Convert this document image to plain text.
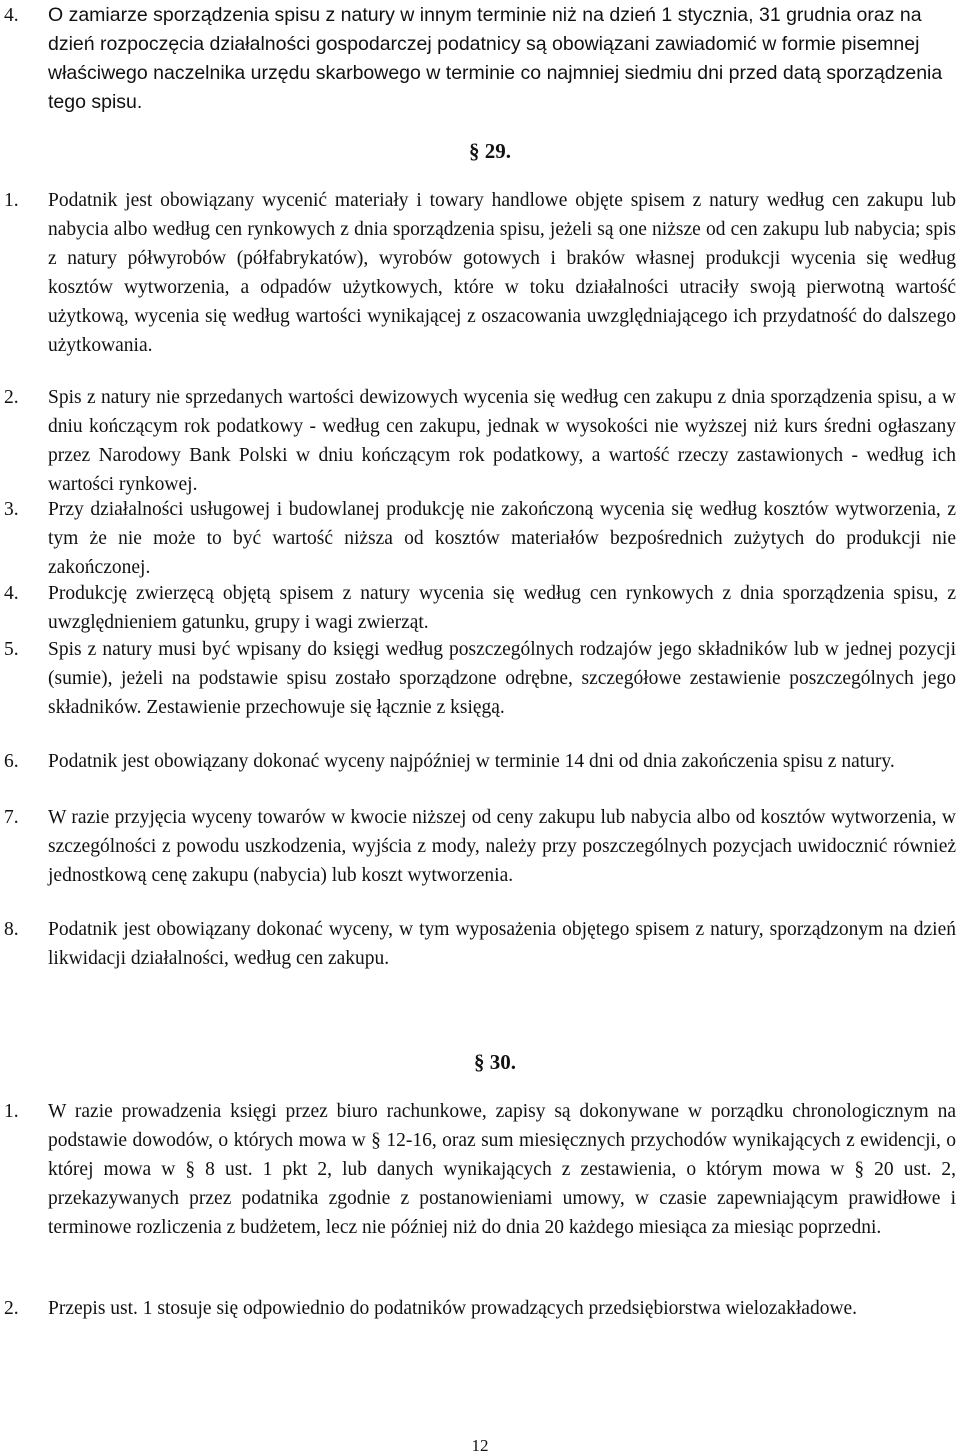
4.	O zamiarze sporządzenia spisu z natury w innym terminie niż na dzień 1 stycznia, 31 grudnia oraz na dzień rozpoczęcia działalności gospodarczej podatnicy są obowiązani zawiadomić w formie pisemnej właściwego naczelnika urzędu skarbowego w terminie co najmniej siedmiu dni przed datą sporządzenia tego spisu.
§ 29.
1.	Podatnik jest obowiązany wycenić materiały i towary handlowe objęte spisem z natury według cen zakupu lub nabycia albo według cen rynkowych z dnia sporządzenia spisu, jeżeli są one niższe od cen zakupu lub nabycia; spis z natury półwyrobów (półfabrykatów), wyrobów gotowych i braków własnej produkcji wycenia się według kosztów wytworzenia, a odpadów użytkowych, które w toku działalności utraciły swoją pierwotną wartość użytkową, wycenia się według wartości wynikającej z oszacowania uwzględniającego ich przydatność do dalszego użytkowania.
2.	Spis z natury nie sprzedanych wartości dewizowych wycenia się według cen zakupu z dnia sporządzenia spisu, a w dniu kończącym rok podatkowy - według cen zakupu, jednak w wysokości nie wyższej niż kurs średni ogłaszany przez Narodowy Bank Polski w dniu kończącym rok podatkowy, a wartość rzeczy zastawionych - według ich wartości rynkowej.
3.	Przy działalności usługowej i budowlanej produkcję nie zakończoną wycenia się według kosztów wytworzenia, z tym że nie może to być wartość niższa od kosztów materiałów bezpośrednich zużytych do produkcji nie zakończonej.
4.	Produkcję zwierzęcą objętą spisem z natury wycenia się według cen rynkowych z dnia sporządzenia spisu, z uwzględnieniem gatunku, grupy i wagi zwierząt.
5.	Spis z natury musi być wpisany do księgi według poszczególnych rodzajów jego składników lub w jednej pozycji (sumie), jeżeli na podstawie spisu zostało sporządzone odrębne, szczegółowe zestawienie poszczególnych jego składników. Zestawienie przechowuje się łącznie z księgą.
6.	Podatnik jest obowiązany dokonać wyceny najpóźniej w terminie 14 dni od dnia zakończenia spisu z natury.
7.	W razie przyjęcia wyceny towarów w kwocie niższej od ceny zakupu lub nabycia albo od kosztów wytworzenia, w szczególności z powodu uszkodzenia, wyjścia z mody, należy przy poszczególnych pozycjach uwidocznić również jednostkową cenę zakupu (nabycia) lub koszt wytworzenia.
8.	Podatnik jest obowiązany dokonać wyceny, w tym wyposażenia objętego spisem z natury, sporządzonym na dzień likwidacji działalności, według cen zakupu.
§ 30.
1.	W razie prowadzenia księgi przez biuro rachunkowe, zapisy są dokonywane w porządku chronologicznym na podstawie dowodów, o których mowa w § 12-16, oraz sum miesięcznych przychodów wynikających z ewidencji, o której mowa w § 8 ust. 1 pkt 2, lub danych wynikających z zestawienia, o którym mowa w § 20 ust. 2, przekazywanych przez podatnika zgodnie z postanowieniami umowy, w czasie zapewniającym prawidłowe i terminowe rozliczenia z budżetem, lecz nie później niż do dnia 20 każdego miesiąca za miesiąc poprzedni.
2.	Przepis ust. 1 stosuje się odpowiednio do podatników prowadzących przedsiębiorstwa wielozakładowe.
12
